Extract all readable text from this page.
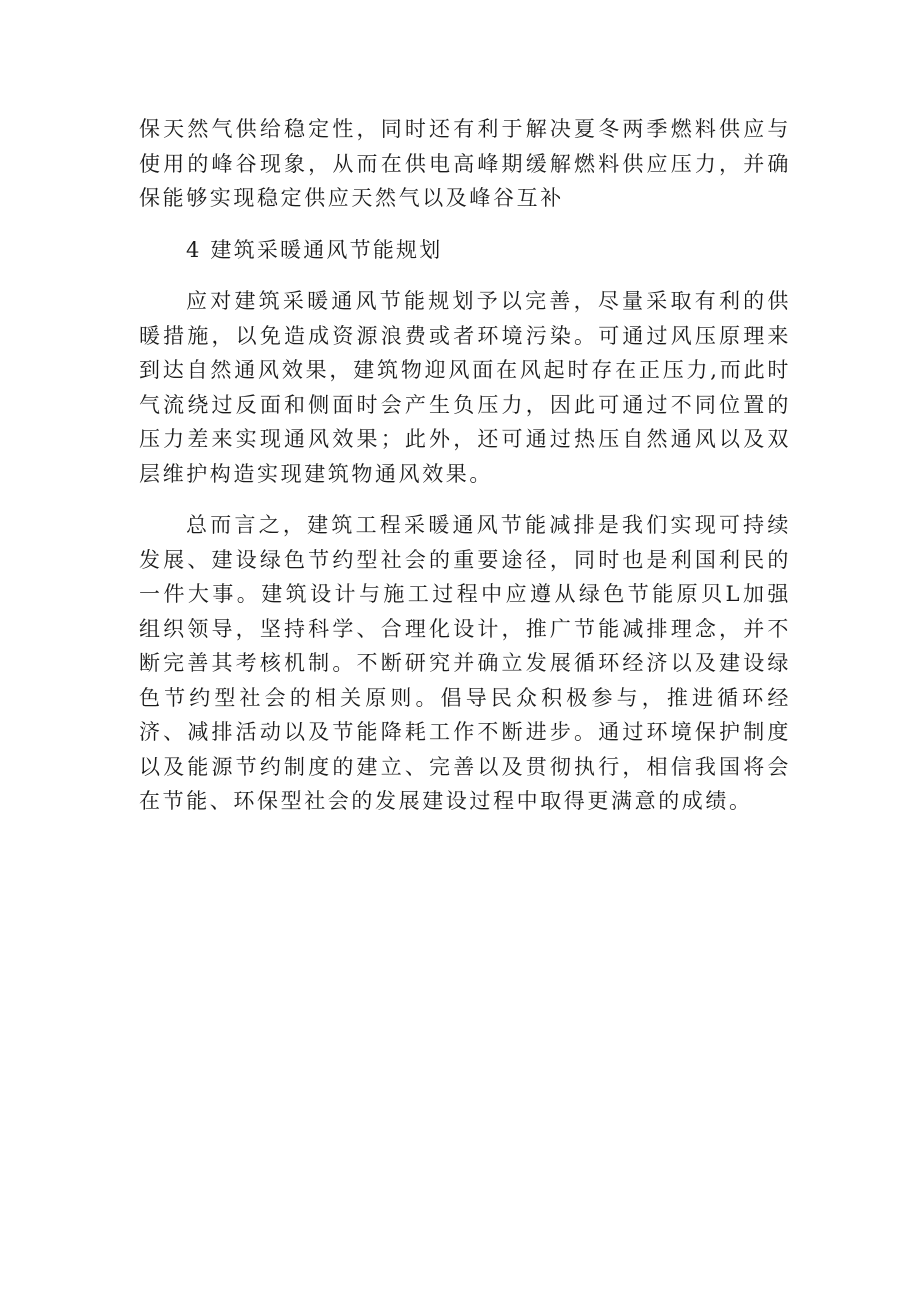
保天然气供给稳定性，同时还有利于解决夏冬两季燃料供应与使用的峰谷现象，从而在供电高峰期缓解燃料供应压力，并确保能够实现稳定供应天然气以及峰谷互补

4 建筑采暖通风节能规划

应对建筑采暖通风节能规划予以完善，尽量采取有利的供暖措施，以免造成资源浪费或者环境污染。可通过风压原理来到达自然通风效果，建筑物迎风面在风起时存在正压力,而此时气流绕过反面和侧面时会产生负压力，因此可通过不同位置的压力差来实现通风效果；此外，还可通过热压自然通风以及双层维护构造实现建筑物通风效果。

总而言之，建筑工程采暖通风节能减排是我们实现可持续发展、建设绿色节约型社会的重要途径，同时也是利国利民的一件大事。建筑设计与施工过程中应遵从绿色节能原贝L加强组织领导，坚持科学、合理化设计，推广节能减排理念，并不断完善其考核机制。不断研究并确立发展循环经济以及建设绿色节约型社会的相关原则。倡导民众积极参与，推进循环经济、减排活动以及节能降耗工作不断进步。通过环境保护制度以及能源节约制度的建立、完善以及贯彻执行，相信我国将会在节能、环保型社会的发展建设过程中取得更满意的成绩。
